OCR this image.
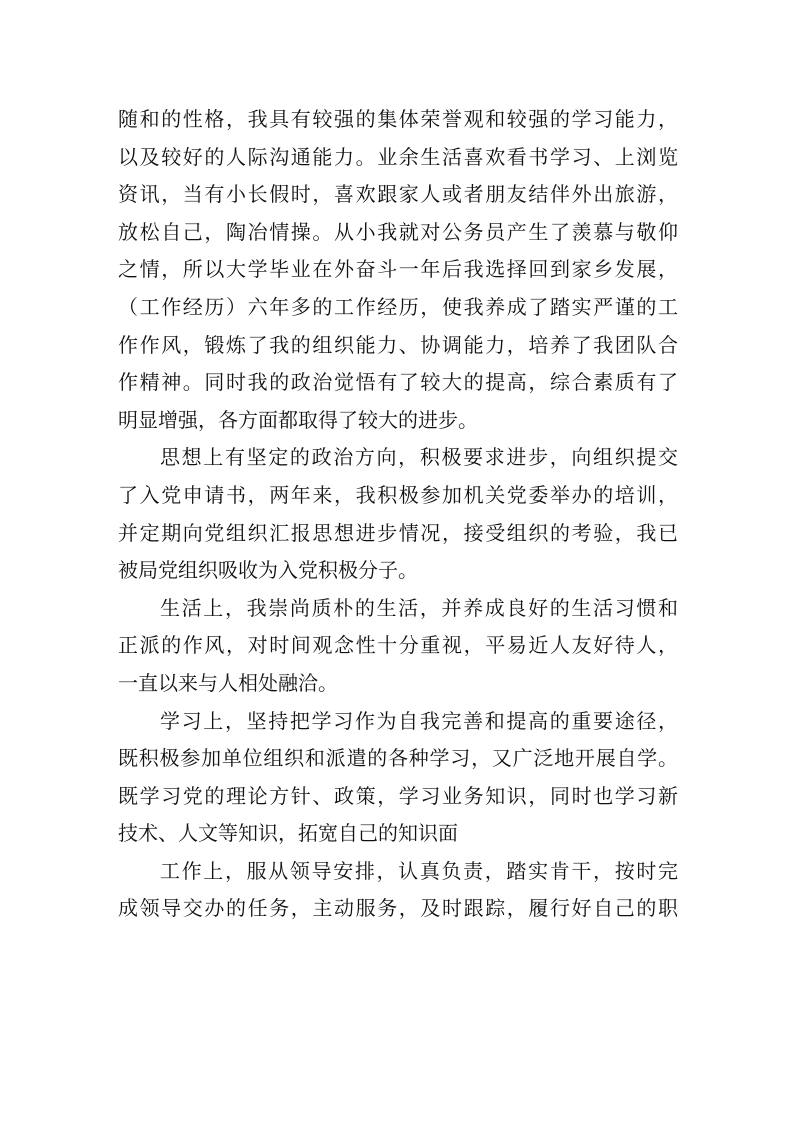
随和的性格，我具有较强的集体荣誉观和较强的学习能力，
以及较好的人际沟通能力。业余生活喜欢看书学习、上浏览
资讯，当有小长假时，喜欢跟家人或者朋友结伴外出旅游，
放松自己，陶冶情操。从小我就对公务员产生了羡慕与敬仰
之情，所以大学毕业在外奋斗一年后我选择回到家乡发展，
（工作经历）六年多的工作经历，使我养成了踏实严谨的工
作作风，锻炼了我的组织能力、协调能力，培养了我团队合
作精神。同时我的政治觉悟有了较大的提高，综合素质有了
明显增强，各方面都取得了较大的进步。
思想上有坚定的政治方向，积极要求进步，向组织提交
了入党申请书，两年来，我积极参加机关党委举办的培训，
并定期向党组织汇报思想进步情况，接受组织的考验，我已
被局党组织吸收为入党积极分子。
生活上，我崇尚质朴的生活，并养成良好的生活习惯和
正派的作风，对时间观念性十分重视，平易近人友好待人，
一直以来与人相处融洽。
学习上，坚持把学习作为自我完善和提高的重要途径，
既积极参加单位组织和派遣的各种学习，又广泛地开展自学。
既学习党的理论方针、政策，学习业务知识，同时也学习新
技术、人文等知识，拓宽自己的知识面
工作上，服从领导安排，认真负责，踏实肯干，按时完
成领导交办的任务，主动服务，及时跟踪，履行好自己的职
